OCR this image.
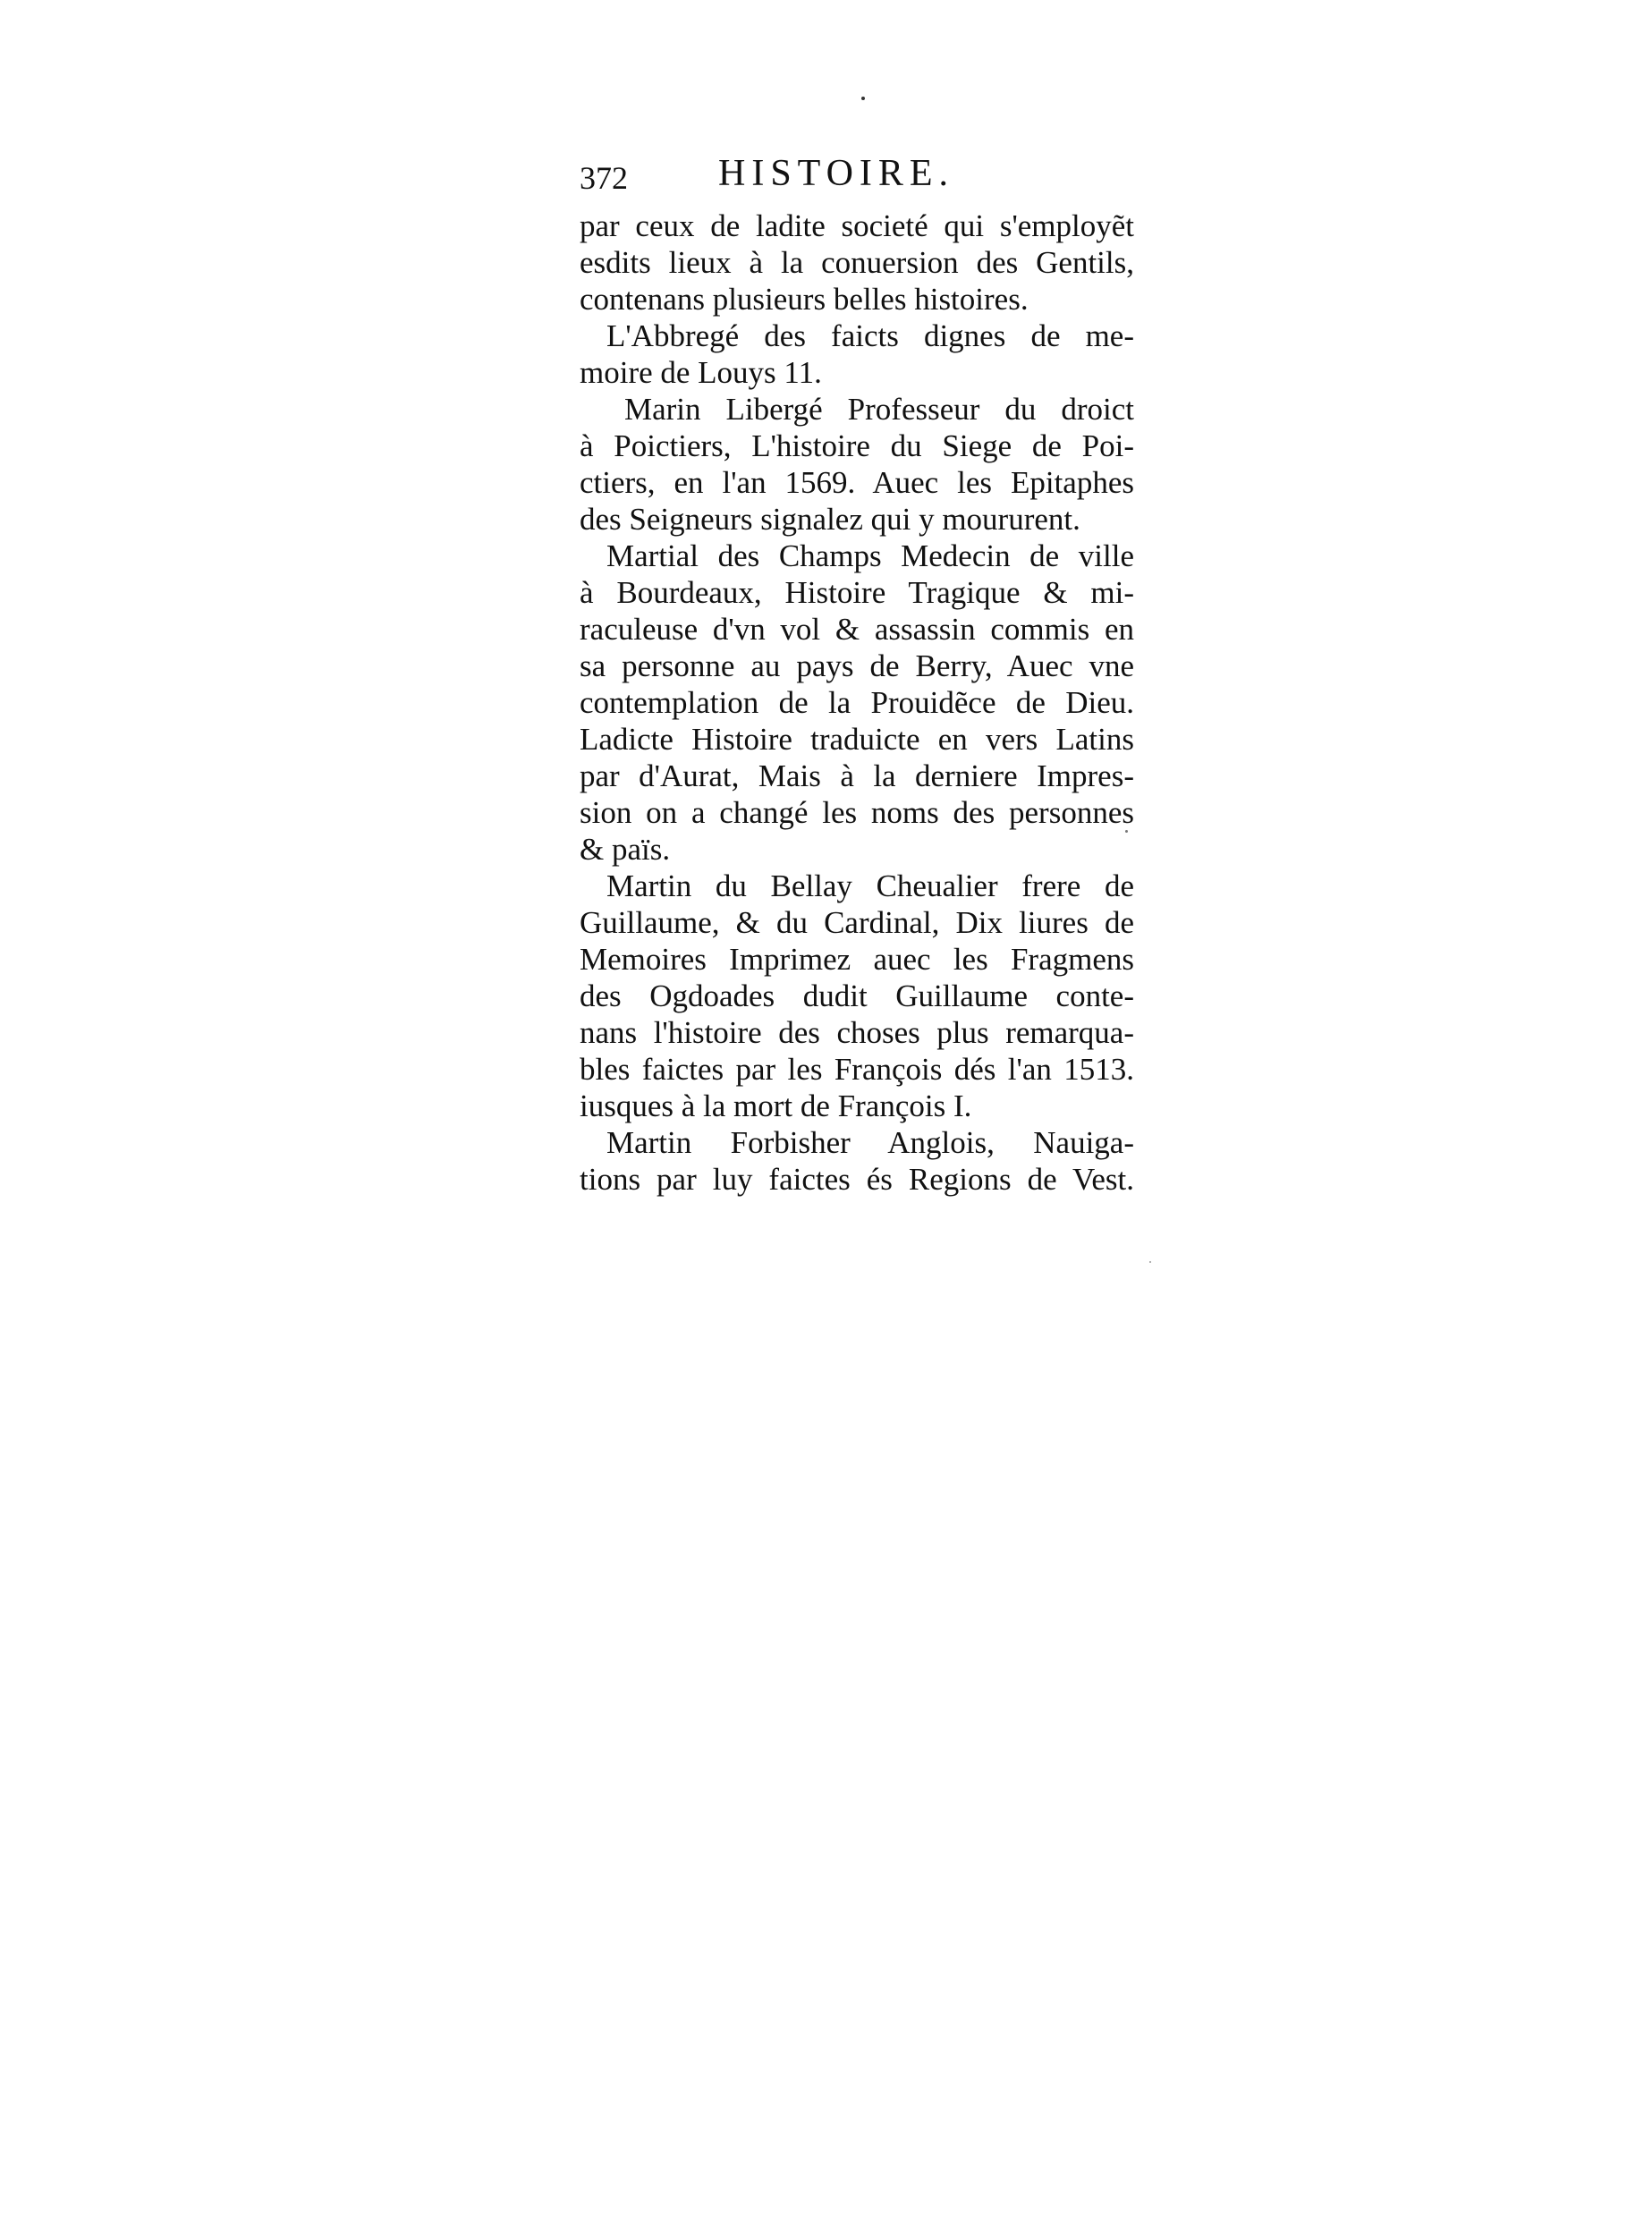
372 HISTOIRE.
par ceux de ladite societé qui s'employẽt
esdits lieux à la conuersion des Gentils,
contenans plusieurs belles histoires.
L'Abbregé des faicts dignes de me-
moire de Louys 11.
Marin Libergé Professeur du droict
à Poictiers, L'histoire du Siege de Poi-
ctiers, en l'an 1569. Auec les Epitaphes
des Seigneurs signalez qui y moururent.
Martial des Champs Medecin de ville
à Bourdeaux, Histoire Tragique & mi-
raculeuse d'vn vol & assassin commis en
sa personne au pays de Berry, Auec vne
contemplation de la Prouidẽce de Dieu.
Ladicte Histoire traduicte en vers Latins
par d'Aurat, Mais à la derniere Impres-
sion on a changé les noms des personnes
& païs.
Martin du Bellay Cheualier frere de
Guillaume, & du Cardinal, Dix liures de
Memoires Imprimez auec les Fragmens
des Ogdoades dudit Guillaume conte-
nans l'histoire des choses plus remarqua-
bles faictes par les François dés l'an 1513.
iusques à la mort de François I.
Martin Forbisher Anglois, Nauiga-
tions par luy faictes és Regions de Vest.
